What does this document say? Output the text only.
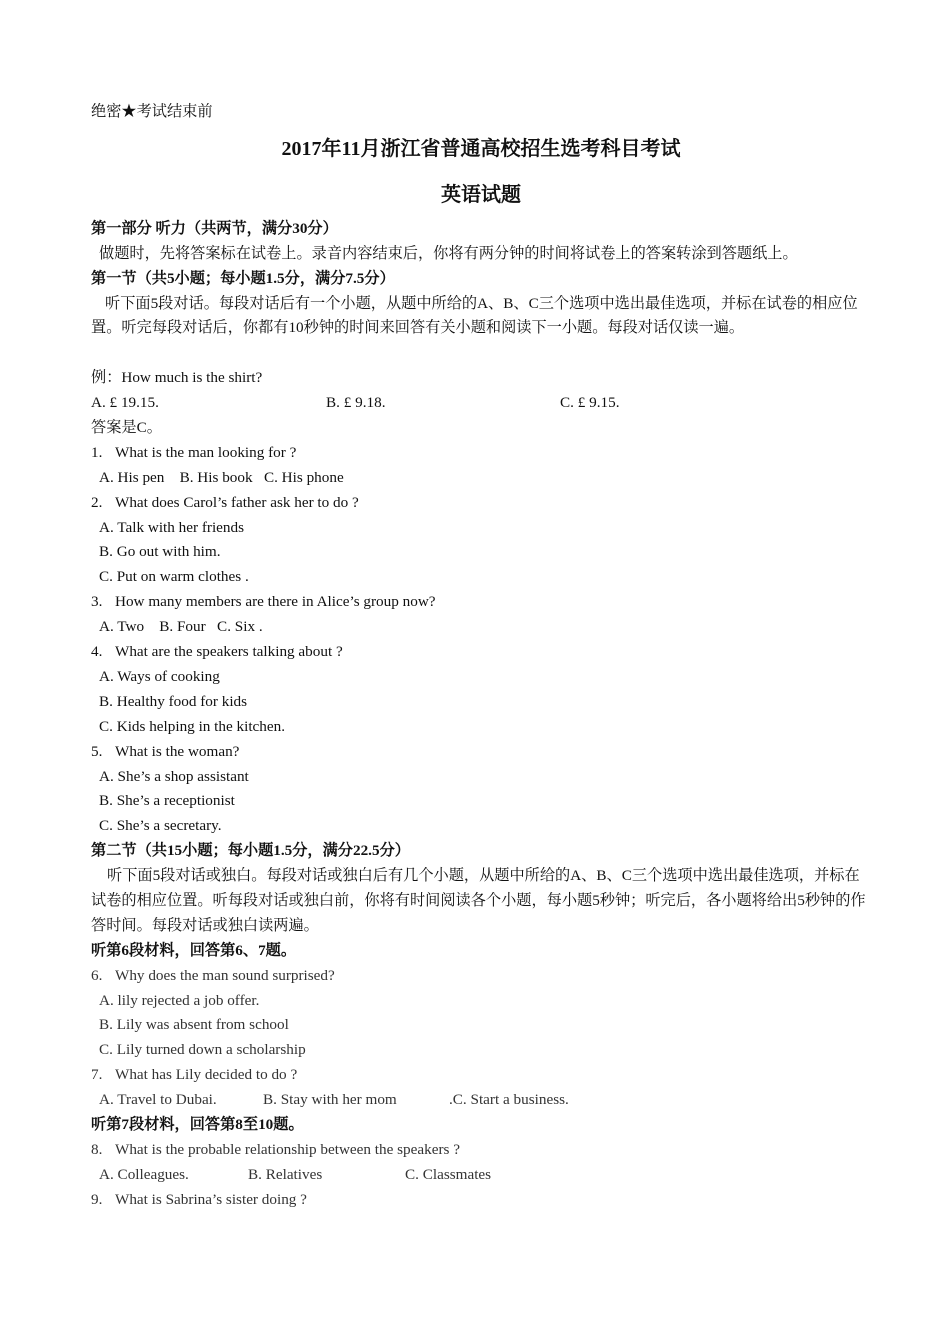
绝密★考试结束前
2017年11月浙江省普通高校招生选考科目考试
英语试题
第一部分 听力（共两节，满分30分）
做题时，先将答案标在试卷上。录音内容结束后，你将有两分钟的时间将试卷上的答案转涂到答题纸上。
第一节（共5小题；每小题1.5分，满分7.5分）
听下面5段对话。每段对话后有一个小题，从题中所给的A、B、C三个选项中选出最佳选项，并标在试卷的相应位置。听完每段对话后，你都有10秒钟的时间来回答有关小题和阅读下一小题。每段对话仅读一遍。
例：How much is the shirt?
A. £ 19.15.	B. £ 9.18.	C. £ 9.15.
答案是C。
1. What is the man looking for ?
A. His pen    B. His book   C. His phone
2. What does Carol’s father ask her to do ?
A. Talk with her friends
B. Go out with him.
C. Put on warm clothes .
3. How many members are there in Alice’s group now?
A. Two    B. Four   C. Six .
4. What are the speakers talking about ?
A. Ways of cooking
B. Healthy food for kids
C. Kids helping in the kitchen.
5. What is the woman?
A. She’s a shop assistant
B. She’s a receptionist
C. She’s a secretary.
第二节（共15小题；每小题1.5分，满分22.5分）
听下面5段对话或独白。每段对话或独白后有几个小题，从题中所给的A、B、C三个选项中选出最佳选项，并标在试卷的相应位置。听每段对话或独白前，你将有时间阅读各个小题，每小题5秒钟；听完后，各小题将给出5秒钟的作答时间。每段对话或独白读两遍。
听第6段材料，回答第6、7题。
6. Why does the man sound surprised?
A. lily rejected a job offer.
B. Lily was absent from school
C. Lily turned down a scholarship
7. What has Lily decided to do ?
A. Travel to Dubai.	B. Stay with her mom	.C. Start a business.
听第7段材料，回答第8至10题。
8. What is the probable relationship between the speakers ?
A. Colleagues.	B. Relatives	C. Classmates
9. What is Sabrina’s sister doing ?
